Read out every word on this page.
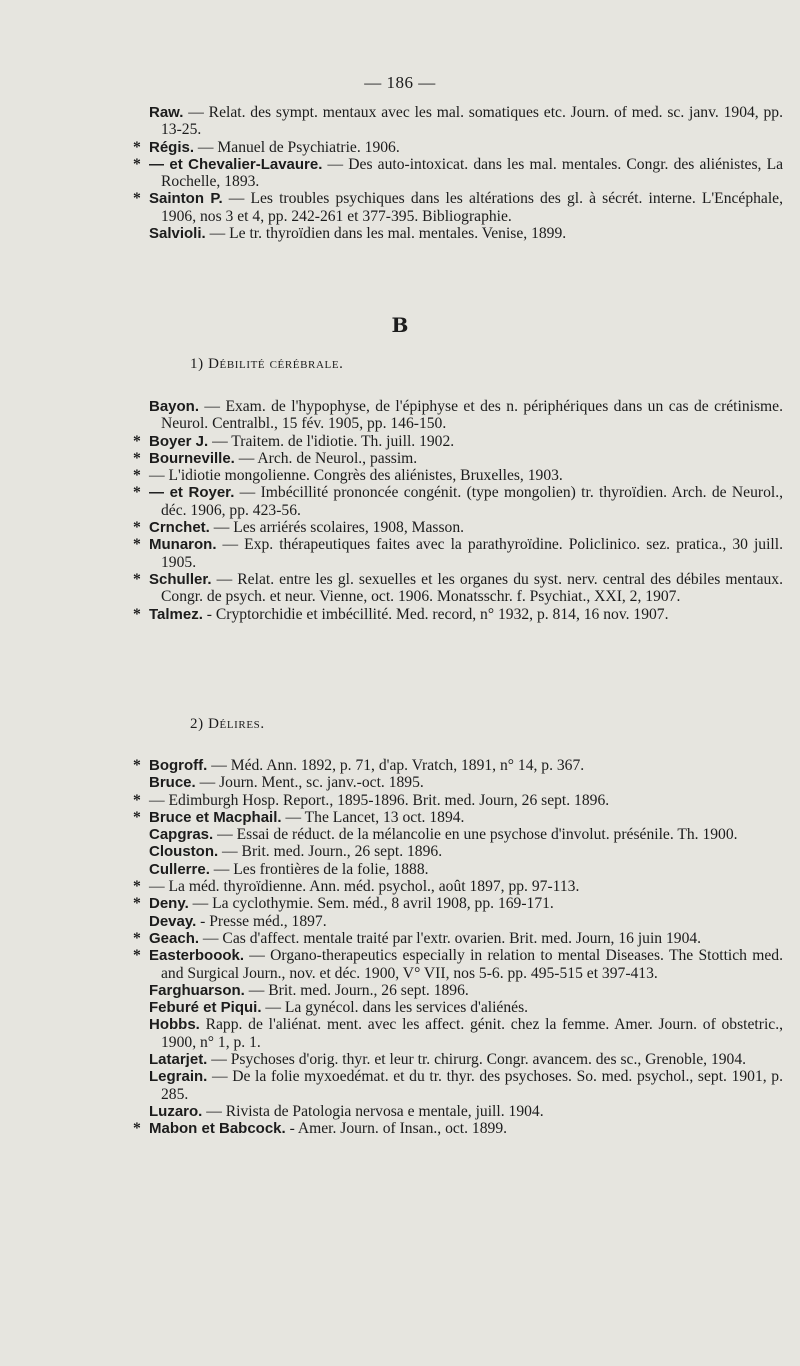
— 186 —

Raw. — Relat. des sympt. mentaux avec les mal. somatiques etc. Journ. of med. sc. janv. 1904, pp. 13-25.

* Régis. — Manuel de Psychiatrie. 1906.

* — et Chevalier-Lavaure. — Des auto-intoxicat. dans les mal. mentales. Congr. des aliénistes, La Rochelle, 1893.

* Sainton P. — Les troubles psychiques dans les altérations des gl. à sécrét. interne. L'Encéphale, 1906, nos 3 et 4, pp. 242-261 et 377-395. Bibliographie.

Salvioli. — Le tr. thyroïdien dans les mal. mentales. Venise, 1899.

B
1) Débilité cérébrale.

Bayon. — Exam. de l'hypophyse, de l'épiphyse et des n. périphériques dans un cas de crétinisme. Neurol. Centralbl., 15 fév. 1905, pp. 146-150.

* Boyer J. — Traitem. de l'idiotie. Th. juill. 1902.

* Bourneville. — Arch. de Neurol., passim.

* — L'idiotie mongolienne. Congrès des aliénistes, Bruxelles, 1903.

* — et Royer. — Imbécillité prononcée congénit. (type mongolien) tr. thyroïdien. Arch. de Neurol., déc. 1906, pp. 423-56.

* Crnchet. — Les arriérés scolaires, 1908, Masson.

* Munaron. — Exp. thérapeutiques faites avec la parathyroïdine. Policlinico. sez. pratica., 30 juill. 1905.

* Schuller. — Relat. entre les gl. sexuelles et les organes du syst. nerv. central des débiles mentaux. Congr. de psych. et neur. Vienne, oct. 1906. Monatsschr. f. Psychiat., XXI, 2, 1907.

* Talmez. - Cryptorchidie et imbécillité. Med. record, n° 1932, p. 814, 16 nov. 1907.

2) Délires.

* Bogroff. — Méd. Ann. 1892, p. 71, d'ap. Vratch, 1891, n° 14, p. 367.

Bruce. — Journ. Ment., sc. janv.-oct. 1895.

* — Edimburgh Hosp. Report., 1895-1896. Brit. med. Journ, 26 sept. 1896.

* Bruce et Macphail. — The Lancet, 13 oct. 1894.

Capgras. — Essai de réduct. de la mélancolie en une psychose d'involut. présénile. Th. 1900.

Clouston. — Brit. med. Journ., 26 sept. 1896.

Cullerre. — Les frontières de la folie, 1888.

* — La méd. thyroïdienne. Ann. méd. psychol., août 1897, pp. 97-113.

* Deny. — La cyclothymie. Sem. méd., 8 avril 1908, pp. 169-171.

Devay. - Presse méd., 1897.

* Geach. — Cas d'affect. mentale traité par l'extr. ovarien. Brit. med. Journ, 16 juin 1904.

* Easterboook. — Organo-therapeutics especially in relation to mental Diseases. The Stottich med. and Surgical Journ., nov. et déc. 1900, V° VII, nos 5-6. pp. 495-515 et 397-413.

Farghuarson. — Brit. med. Journ., 26 sept. 1896.

Feburé et Piqui. — La gynécol. dans les services d'aliénés.

Hobbs. Rapp. de l'aliénat. ment. avec les affect. génit. chez la femme. Amer. Journ. of obstetric., 1900, n° 1, p. 1.

Latarjet. — Psychoses d'orig. thyr. et leur tr. chirurg. Congr. avancem. des sc., Grenoble, 1904.

Legrain. — De la folie myxoedémat. et du tr. thyr. des psychoses. So. med. psychol., sept. 1901, p. 285.

Luzaro. — Rivista de Patologia nervosa e mentale, juill. 1904.

* Mabon et Babcock. - Amer. Journ. of Insan., oct. 1899.
